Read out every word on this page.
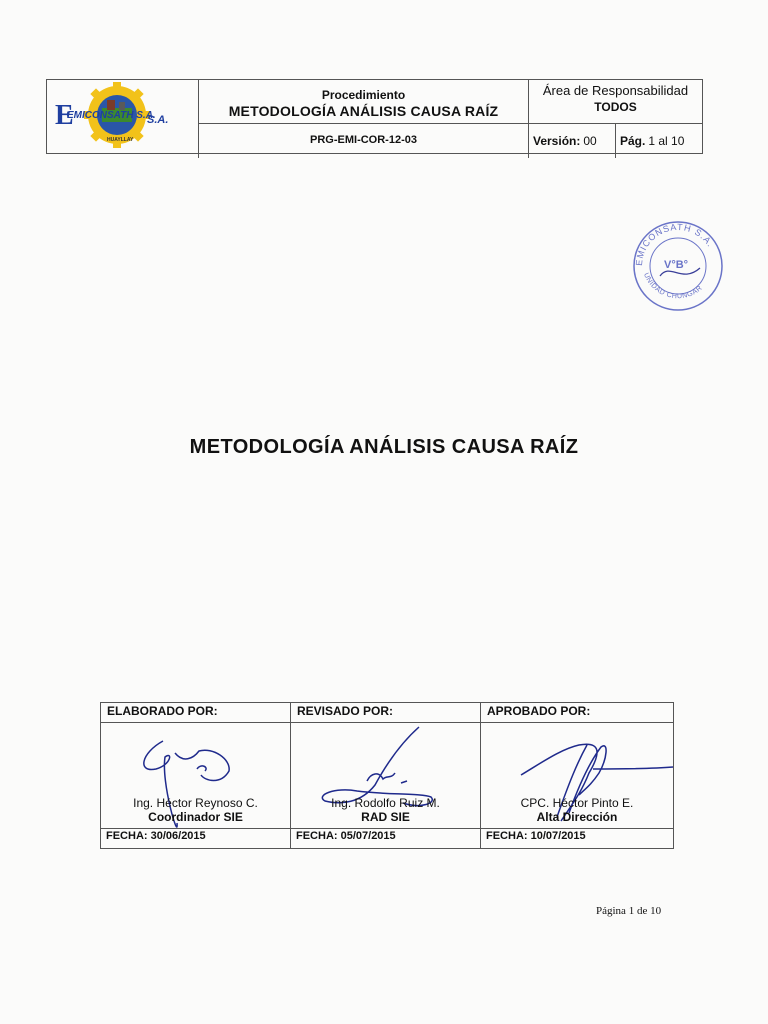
E	S.A.
EMICONSATH S.A.
HUAYLLAY
Procedimiento
METODOLOGÍA ANÁLISIS CAUSA RAÍZ
PRG-EMI-COR-12-03
Área de Responsabilidad
TODOS
Versión: 00 Pág. 1 al 10
EMICONSATH S.A.
UNIDAD CHUNGAR
V°B°
METODOLOGÍA ANÁLISIS CAUSA RAÍZ
ELABORADO POR:
Ing. Héctor Reynoso C.
Coordinador SIE
FECHA: 30/06/2015
REVISADO POR:
Ing. Rodolfo Ruiz M.
RAD SIE
FECHA: 05/07/2015
APROBADO POR:
CPC. Héctor Pinto E.
Alta Dirección
FECHA: 10/07/2015
Página 1 de 10
